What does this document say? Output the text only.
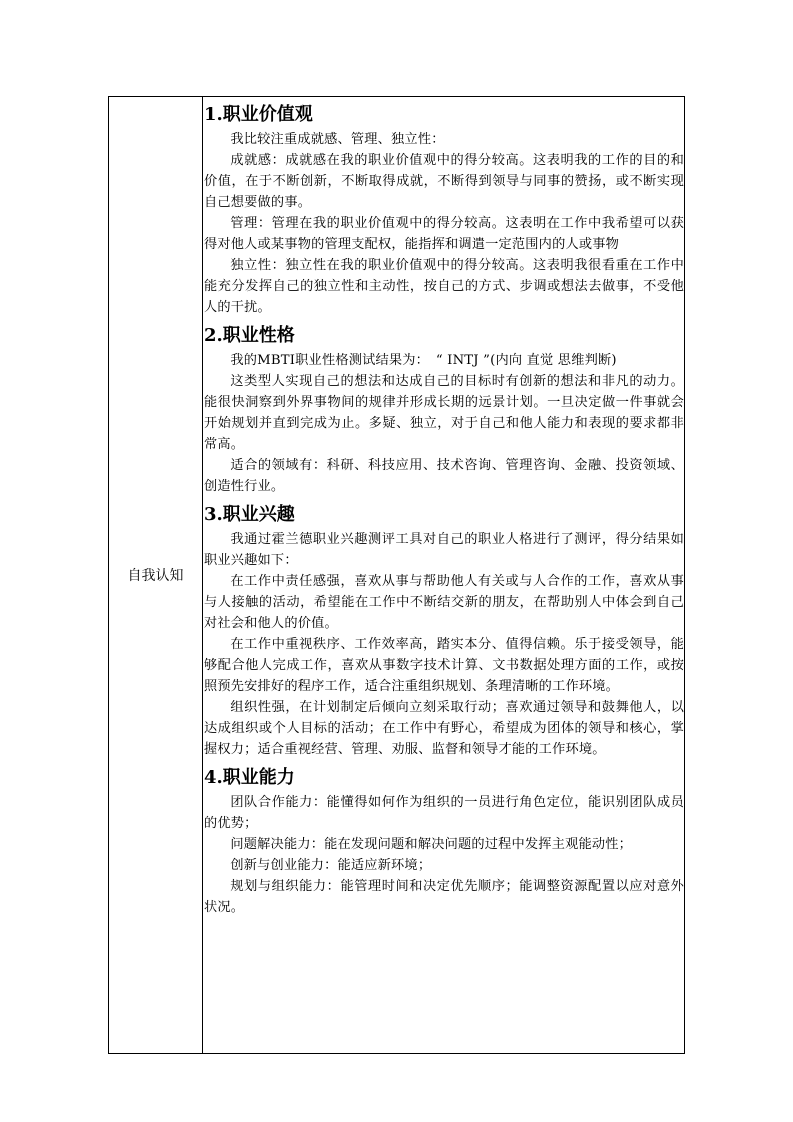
自我认知	
1.职业价值观

我比较注重成就感、管理、独立性：

成就感：成就感在我的职业价值观中的得分较高。这表明我的工作的目的和价值，在于不断创新，不断取得成就，不断得到领导与同事的赞扬，或不断实现自己想要做的事。

管理：管理在我的职业价值观中的得分较高。这表明在工作中我希望可以获得对他人或某事物的管理支配权，能指挥和调遣一定范围内的人或事物

独立性：独立性在我的职业价值观中的得分较高。这表明我很看重在工作中能充分发挥自己的独立性和主动性，按自己的方式、步调或想法去做事，不受他人的干扰。

2.职业性格

我的MBTI职业性格测试结果为：　“ INTJ ”(内向 直觉 思维判断)

这类型人实现自己的想法和达成自己的目标时有创新的想法和非凡的动力。能很快洞察到外界事物间的规律并形成长期的远景计划。一旦决定做一件事就会开始规划并直到完成为止。多疑、独立，对于自己和他人能力和表现的要求都非常高。

适合的领域有：科研、科技应用、技术咨询、管理咨询、金融、投资领域、创造性行业。

3.职业兴趣

我通过霍兰德职业兴趣测评工具对自己的职业人格进行了测评，得分结果如职业兴趣如下：

在工作中责任感强，喜欢从事与帮助他人有关或与人合作的工作，喜欢从事与人接触的活动，希望能在工作中不断结交新的朋友，在帮助别人中体会到自己对社会和他人的价值。

在工作中重视秩序、工作效率高，踏实本分、值得信赖。乐于接受领导，能够配合他人完成工作，喜欢从事数字技术计算、文书数据处理方面的工作，或按照预先安排好的程序工作，适合注重组织规划、条理清晰的工作环境。

组织性强，在计划制定后倾向立刻采取行动；喜欢通过领导和鼓舞他人，以达成组织或个人目标的活动；在工作中有野心，希望成为团体的领导和核心，掌握权力；适合重视经营、管理、劝服、监督和领导才能的工作环境。

4.职业能力

团队合作能力：能懂得如何作为组织的一员进行角色定位，能识别团队成员的优势；

问题解决能力：能在发现问题和解决问题的过程中发挥主观能动性；

创新与创业能力：能适应新环境；

规划与组织能力：能管理时间和决定优先顺序；能调整资源配置以应对意外状况。
